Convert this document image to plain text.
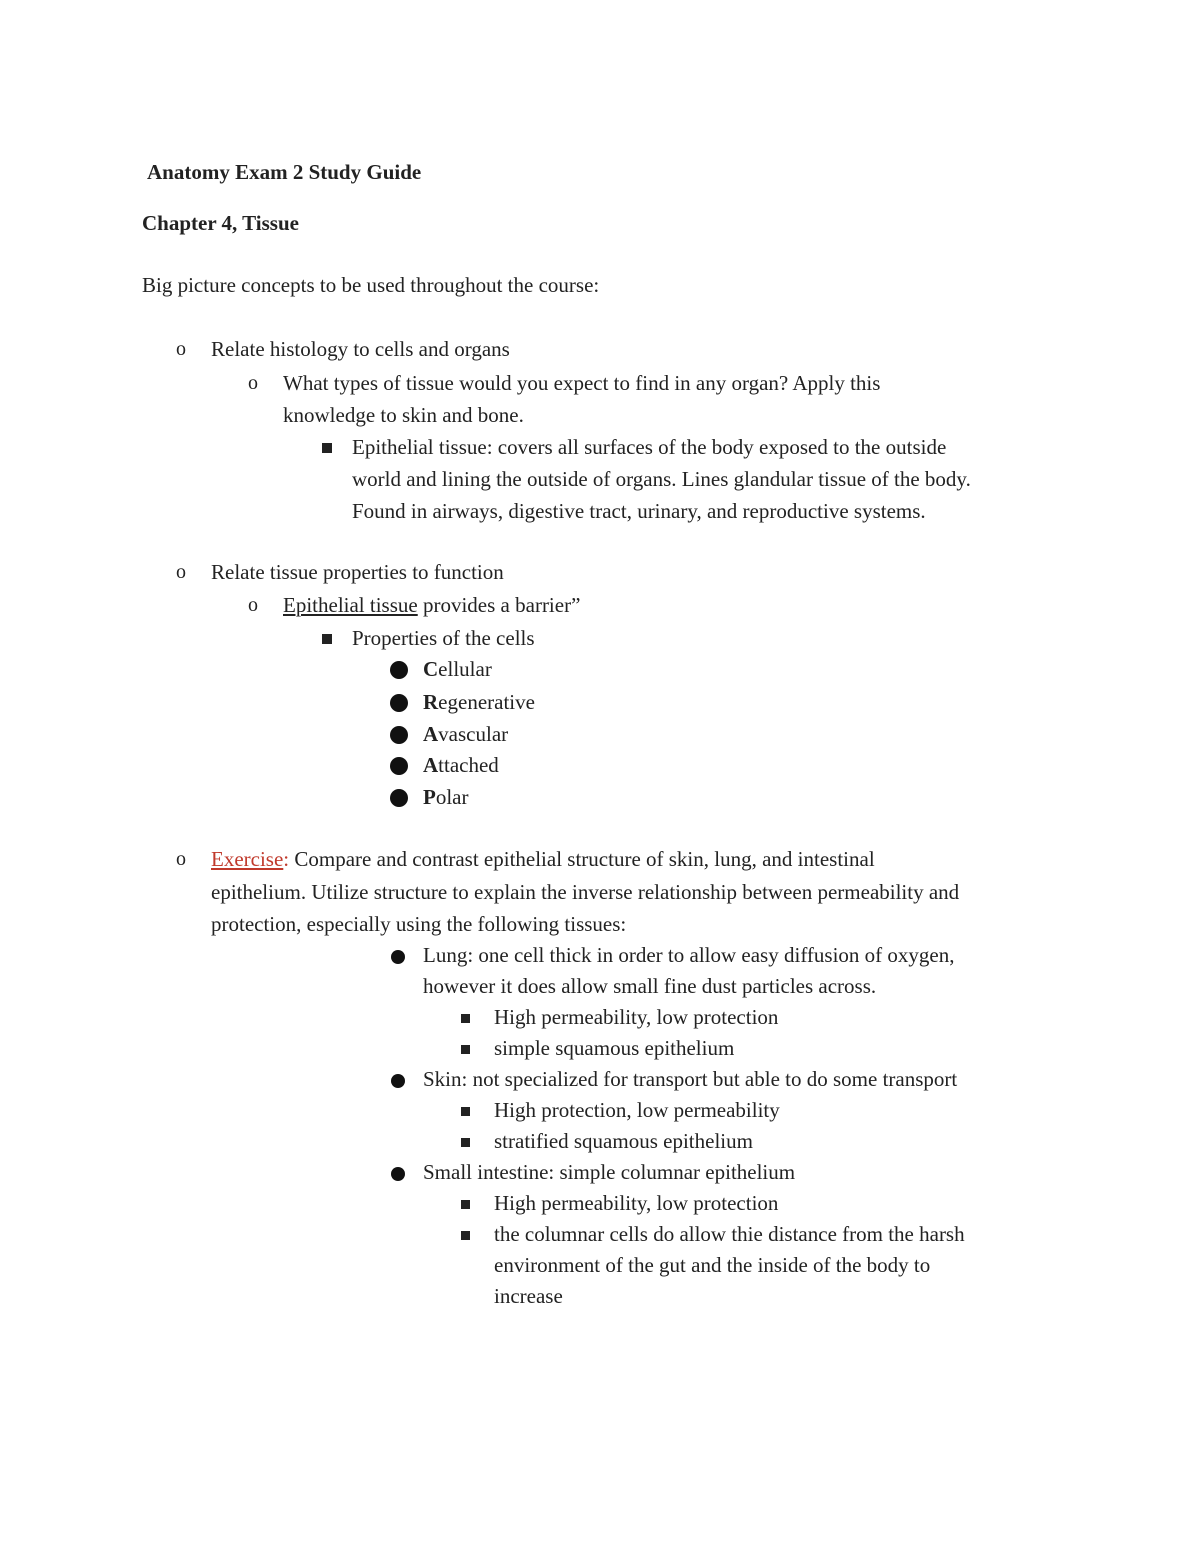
Anatomy Exam 2 Study Guide
Chapter 4, Tissue

Big picture concepts to be used throughout the course:

o Relate histology to cells and organs
o What types of tissue would you expect to find in any organ? Apply this
knowledge to skin and bone.
Epithelial tissue: covers all surfaces of the body exposed to the outside
world and lining the outside of organs. Lines glandular tissue of the body.
Found in airways, digestive tract, urinary, and reproductive systems.
o Relate tissue properties to function
o Epithelial tissue provides a barrier”
Properties of the cells
Cellular
Regenerative
Avascular
Attached
Polar
o Exercise: Compare and contrast epithelial structure of skin, lung, and intestinal
epithelium. Utilize structure to explain the inverse relationship between permeability and
protection, especially using the following tissues:
Lung: one cell thick in order to allow easy diffusion of oxygen,
however it does allow small fine dust particles across.
High permeability, low protection
simple squamous epithelium
Skin: not specialized for transport but able to do some transport
High protection, low permeability
stratified squamous epithelium
Small intestine: simple columnar epithelium
High permeability, low protection
the columnar cells do allow thie distance from the harsh
environment of the gut and the inside of the body to
increase
